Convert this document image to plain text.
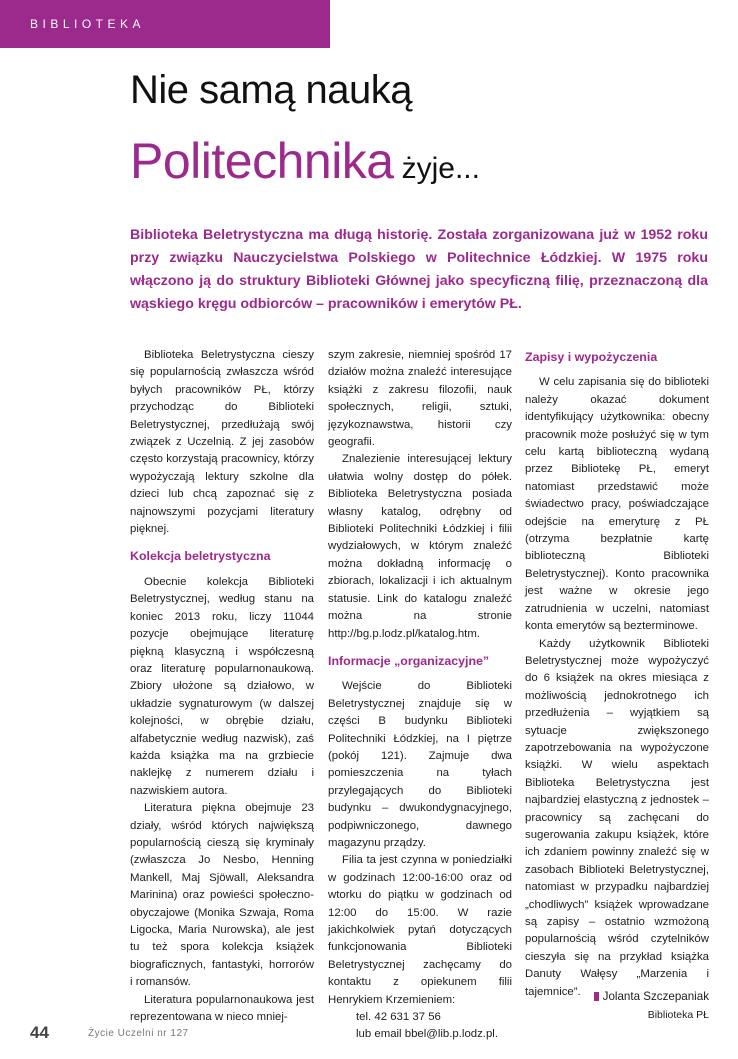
BIBLIOTEKA
Nie samą nauką
Politechnika żyje...

Biblioteka Beletrystyczna ma długą historię. Została zorganizowana już w 1952 roku przy związku Nauczycielstwa Polskiego w Politechnice Łódzkiej. W 1975 roku włączono ją do struktury Biblioteki Głównej jako specyficzną filię, przeznaczoną dla wąskiego kręgu odbiorców – pracowników i emerytów PŁ.

Biblioteka Beletrystyczna cieszy się popularnością zwłaszcza wśród byłych pracowników PŁ, którzy przychodząc do Biblioteki Beletrystycznej, przedłużają swój związek z Uczelnią. Z jej zasobów często korzystają pracownicy, którzy wypożyczają lektury szkolne dla dzieci lub chcą zapoznać się z najnowszymi pozycjami literatury pięknej.

Kolekcja beletrystyczna

Obecnie kolekcja Biblioteki Beletrystycznej, według stanu na koniec 2013 roku, liczy 11044 pozycje obejmujące literaturę piękną klasyczną i współczesną oraz literaturę popularnonaukową. Zbiory ułożone są działowo, w układzie sygnaturowym (w dalszej kolejności, w obrębie działu, alfabetycznie według nazwisk), zaś każda książka ma na grzbiecie naklejkę z numerem działu i nazwiskiem autora.

Literatura piękna obejmuje 23 działy, wśród których największą popularnością cieszą się kryminały (zwłaszcza Jo Nesbo, Henning Mankell, Maj Sjöwall, Aleksandra Marinina) oraz powieści społeczno-obyczajowe (Monika Szwaja, Roma Ligocka, Maria Nurowska), ale jest tu też spora kolekcja książek biograficznych, fantastyki, horrorów i romansów.

Literatura popularnonaukowa jest reprezentowana w nieco mniej-

szym zakresie, niemniej spośród 17 działów można znaleźć interesujące książki z zakresu filozofii, nauk społecznych, religii, sztuki, językoznawstwa, historii czy geografii.

Znalezienie interesującej lektury ułatwia wolny dostęp do półek. Biblioteka Beletrystyczna posiada własny katalog, odrębny od Biblioteki Politechniki Łódzkiej i filii wydziałowych, w którym znaleźć można dokładną informację o zbiorach, lokalizacji i ich aktualnym statusie. Link do katalogu znaleźć można na stronie http://bg.p.lodz.pl/katalog.htm.

Informacje „organizacyjne”

Wejście do Biblioteki Beletrystycznej znajduje się w części B budynku Biblioteki Politechniki Łódzkiej, na I piętrze (pokój 121). Zajmuje dwa pomieszczenia na tyłach przylegających do Biblioteki budynku – dwukondygnacyjnego, podpiwniczonego, dawnego magazynu prządzy.

Filia ta jest czynna w poniedziałki w godzinach 12:00-16:00 oraz od wtorku do piątku w godzinach od 12:00 do 15:00. W razie jakichkolwiek pytań dotyczących funkcjonowania Biblioteki Beletrystycznej zachęcamy do kontaktu z opiekunem filii Henrykiem Krzemieniem:

tel. 42 631 37 56

lub email bbel@lib.p.lodz.pl.

Zapisy i wypożyczenia

W celu zapisania się do biblioteki należy okazać dokument identyfikujący użytkownika: obecny pracownik może posłużyć się w tym celu kartą biblioteczną wydaną przez Bibliotekę PŁ, emeryt natomiast przedstawić może świadectwo pracy, poświadczające odejście na emeryturę z PŁ (otrzyma bezpłatnie kartę biblioteczną Biblioteki Beletrystycznej). Konto pracownika jest ważne w okresie jego zatrudnienia w uczelni, natomiast konta emerytów są bezterminowe.

Każdy użytkownik Biblioteki Beletrystycznej może wypożyczyć do 6 książek na okres miesiąca z możliwością jednokrotnego ich przedłużenia – wyjątkiem są sytuacje zwiększonego zapotrzebowania na wypożyczone książki. W wielu aspektach Biblioteka Beletrystyczna jest najbardziej elastyczną z jednostek – pracownicy są zachęcani do sugerowania zakupu książek, które ich zdaniem powinny znaleźć się w zasobach Biblioteki Beletrystycznej, natomiast w przypadku najbardziej „chodliwych” książek wprowadzane są zapisy – ostatnio wzmożoną popularnością wśród czytelników cieszyła się na przykład książka Danuty Wałęsy „Marzenia i tajemnice”.	Jolanta Szczepaniak
Biblioteka PŁ
44	Życie Uczelni nr 127
